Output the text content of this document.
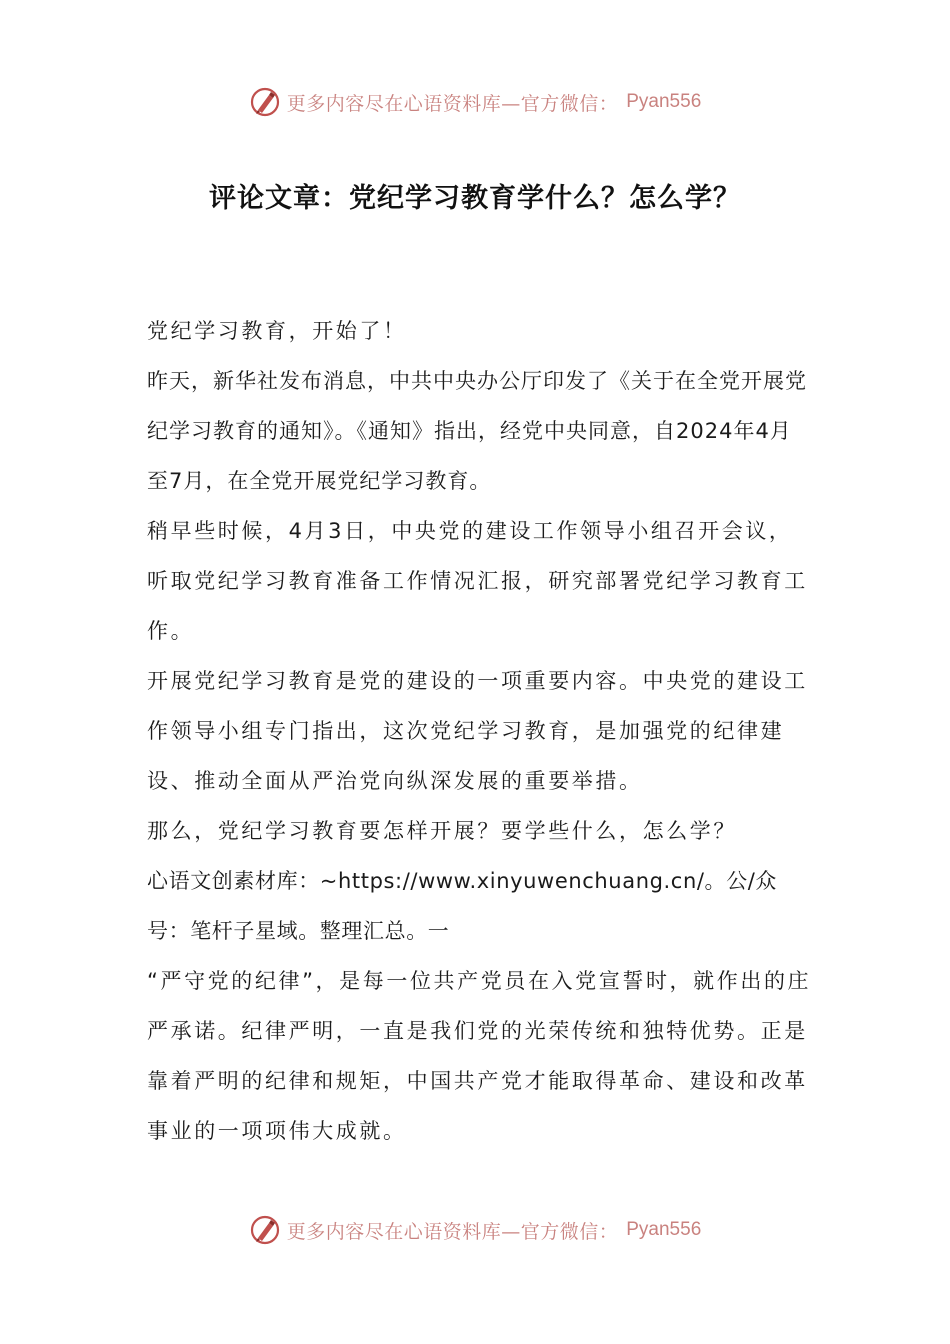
更多内容尽在心语资料库—官方微信： Pyan556
评论文章：党纪学习教育学什么？怎么学？

党纪学习教育，开始了！

昨天，新华社发布消息，中共中央办公厅印发了《关于在全党开展党纪学习教育的通知》。《通知》指出，经党中央同意，自2024年4月至7月，在全党开展党纪学习教育。

稍早些时候，4月3日，中央党的建设工作领导小组召开会议，听取党纪学习教育准备工作情况汇报，研究部署党纪学习教育工作。

开展党纪学习教育是党的建设的一项重要内容。中央党的建设工作领导小组专门指出，这次党纪学习教育，是加强党的纪律建设、推动全面从严治党向纵深发展的重要举措。

那么，党纪学习教育要怎样开展？要学些什么，怎么学？

心语文创素材库：~https://www.xinyuwenchuang.cn/。公/众号：笔杆子星域。整理汇总。一

“严守党的纪律”，是每一位共产党员在入党宣誓时，就作出的庄严承诺。纪律严明，一直是我们党的光荣传统和独特优势。正是靠着严明的纪律和规矩，中国共产党才能取得革命、建设和改革事业的一项项伟大成就。

更多内容尽在心语资料库—官方微信： Pyan556
